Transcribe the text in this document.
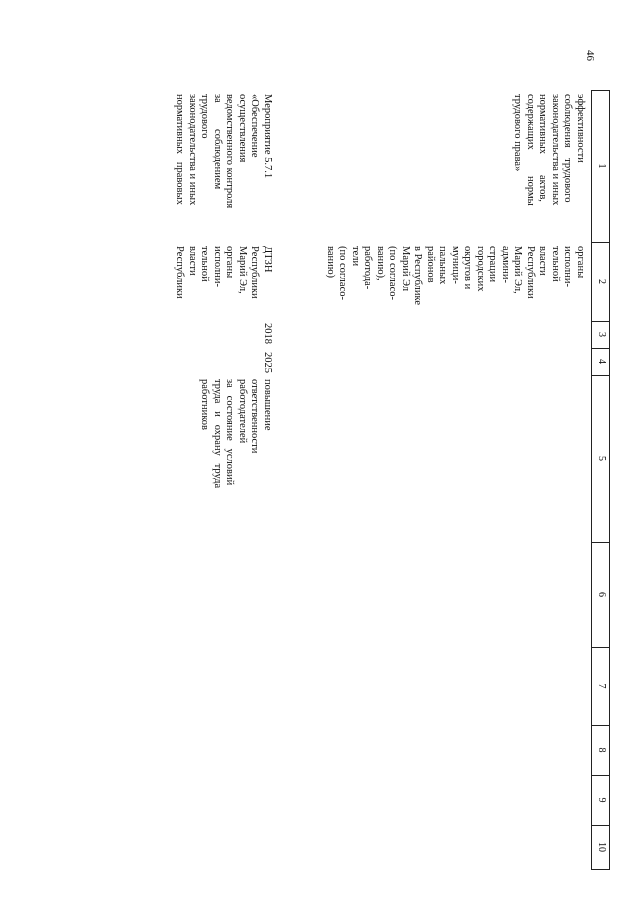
46
1
2
3
4
5
6
7
8
9
10
эффективности
соблюдения    трудового
законодательства и иных
нормативных        актов,
содержащих          нормы
трудового права»
органы
исполни-
тельной
власти
Республики
Марий Эл,
админи-
страции
городских
округов и
муници-
пальных
районов
в Республике
Марий Эл
(по согласо-
ванию),
работода-
тели
(по согласо-
ванию)
Мероприятие 5.7.1
«Обеспечение
осуществления
ведомственного контроля
за          соблюдением
трудового
законодательства и иных
нормативных   правовых
ДТЗН
Республики
Марий Эл,
органы
исполни-
тельной
власти
Республики
2018
2025
повышение
ответственности
работодателей
за   состояние   условий
труда   и   охрану   труда
работников
